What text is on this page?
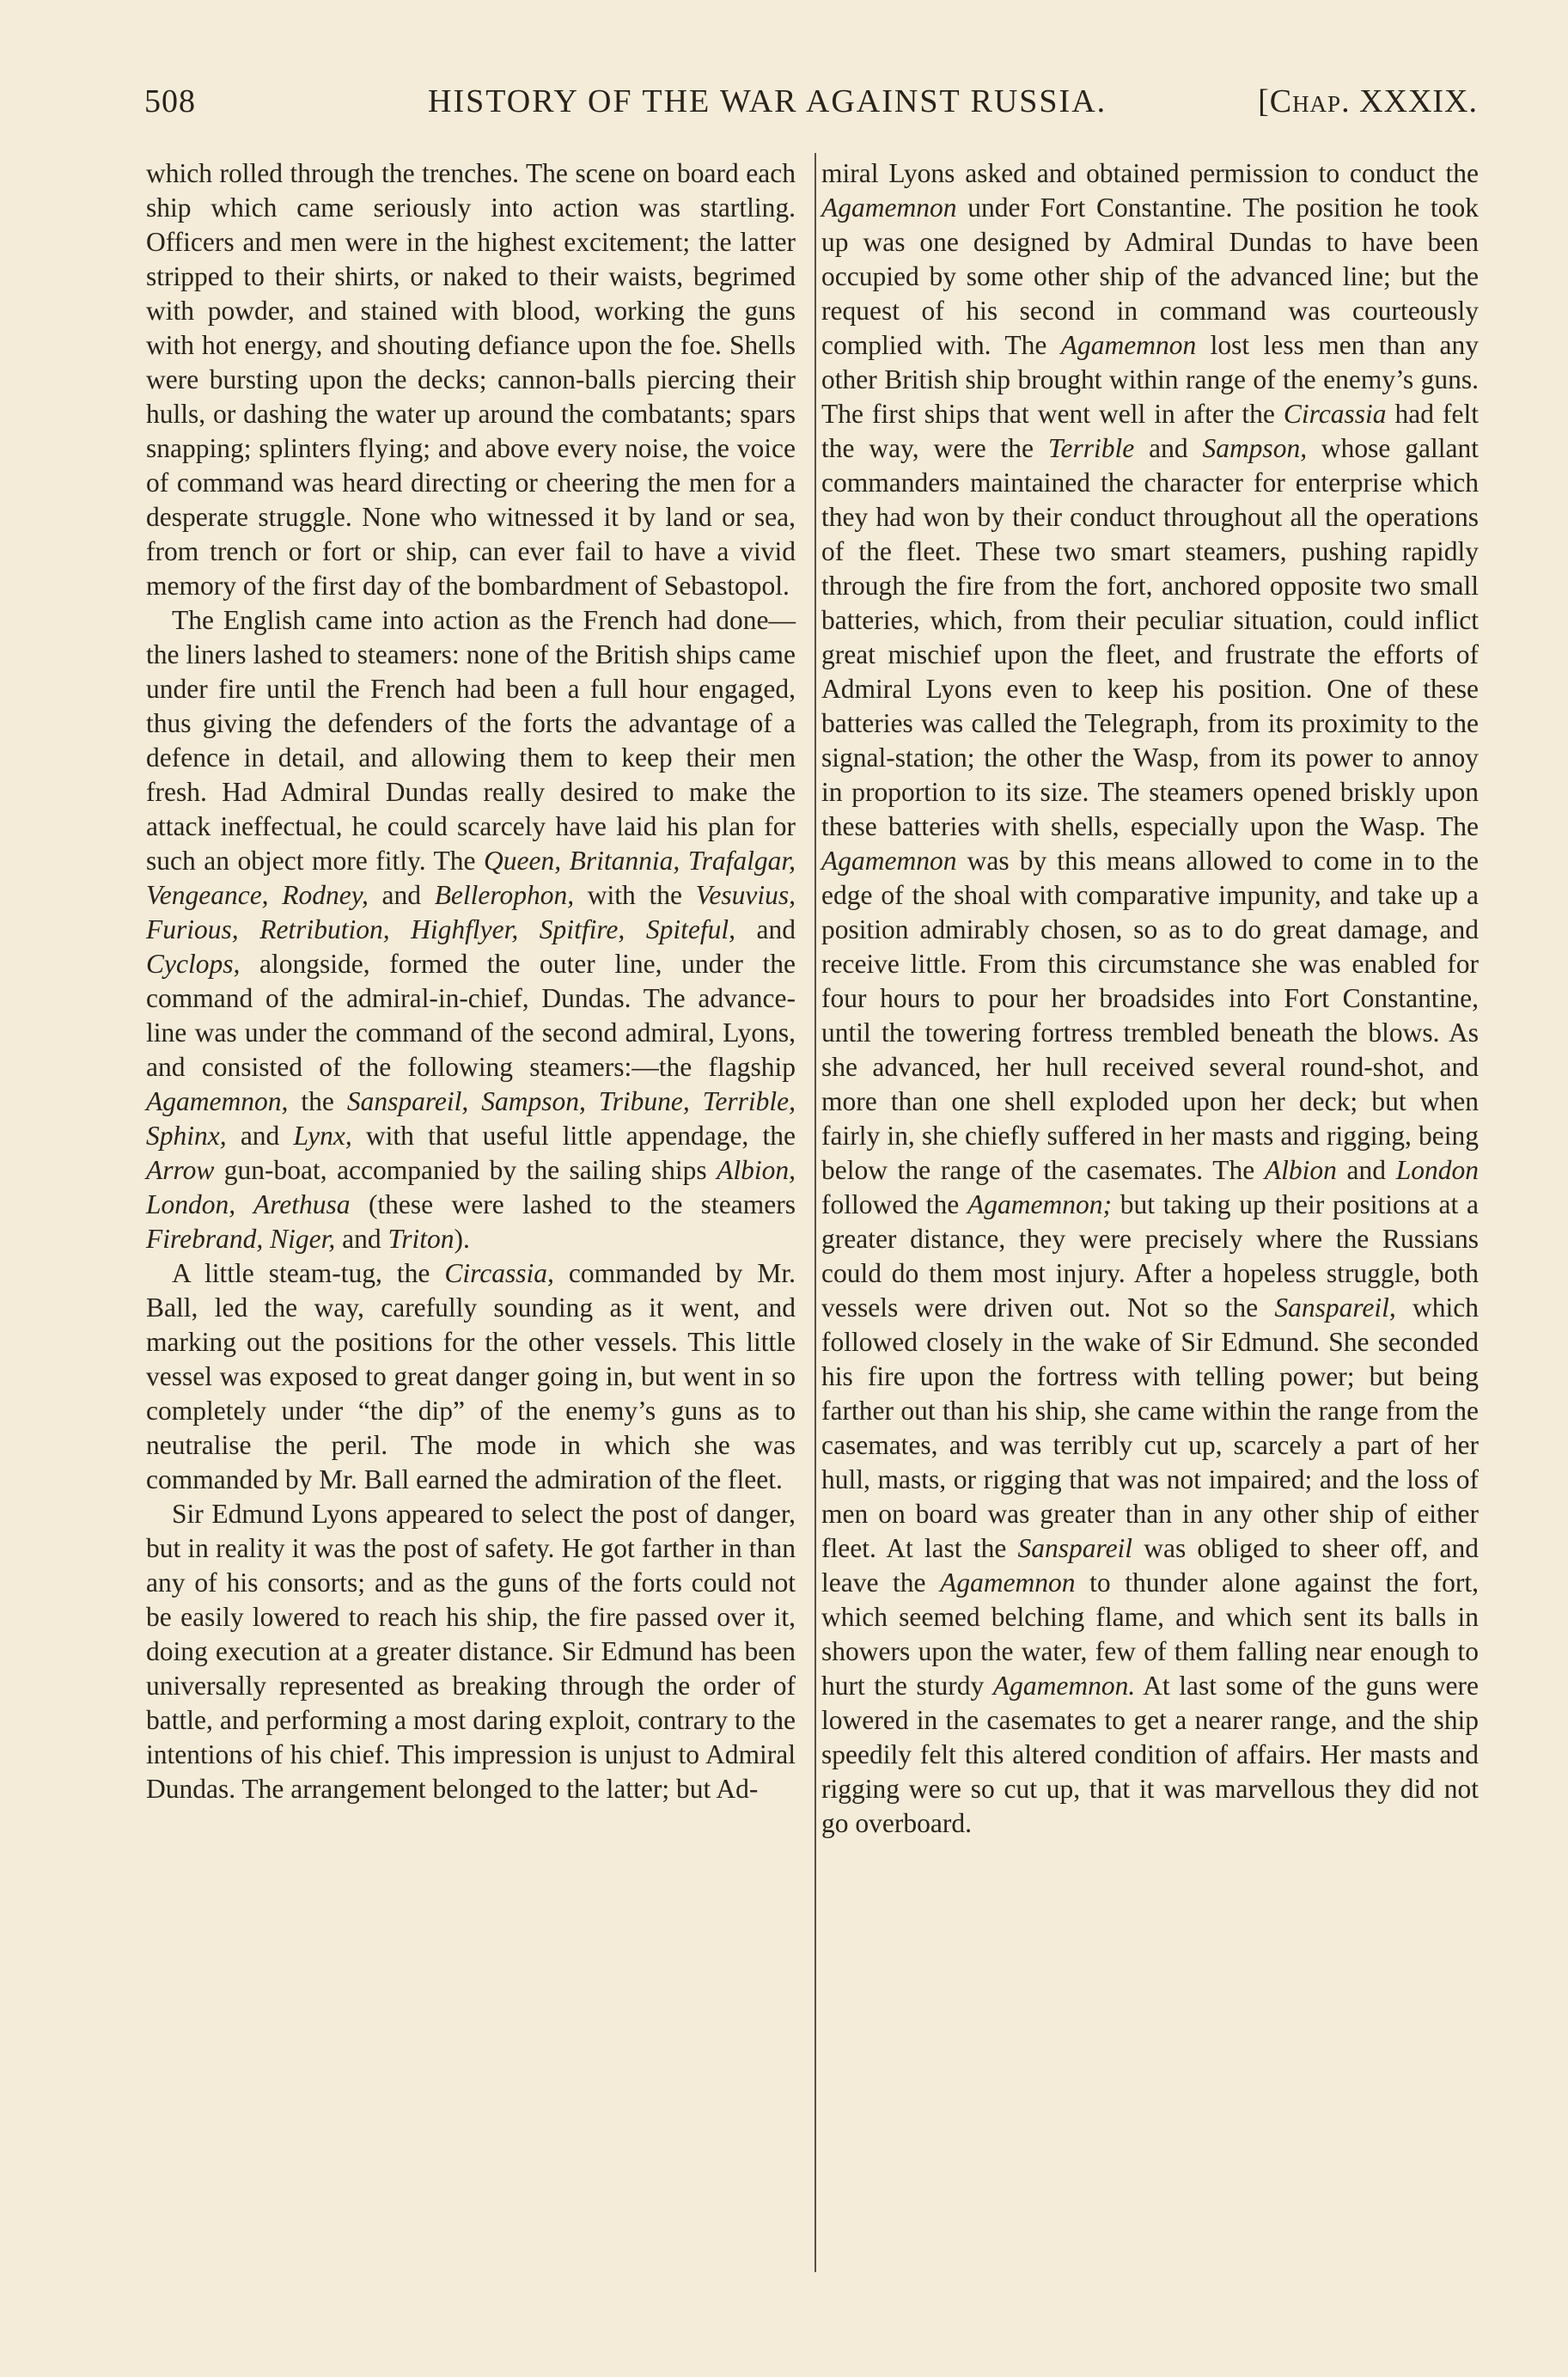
508	HISTORY OF THE WAR AGAINST RUSSIA.	[Chap. XXXIX.

which rolled through the trenches. The scene on board each ship which came seriously into action was startling. Officers and men were in the highest excitement; the latter stripped to their shirts, or naked to their waists, begrimed with powder, and stained with blood, working the guns with hot energy, and shouting defiance upon the foe. Shells were bursting upon the decks; cannon-balls piercing their hulls, or dashing the water up around the combatants; spars snapping; splinters flying; and above every noise, the voice of command was heard directing or cheering the men for a desperate struggle. None who witnessed it by land or sea, from trench or fort or ship, can ever fail to have a vivid memory of the first day of the bombardment of Sebastopol.

The English came into action as the French had done—the liners lashed to steamers: none of the British ships came under fire until the French had been a full hour engaged, thus giving the defenders of the forts the advantage of a defence in detail, and allowing them to keep their men fresh. Had Admiral Dundas really desired to make the attack ineffectual, he could scarcely have laid his plan for such an object more fitly. The Queen, Britannia, Trafalgar, Vengeance, Rodney, and Bellerophon, with the Vesuvius, Furious, Retribution, Highflyer, Spitfire, Spiteful, and Cyclops, alongside, formed the outer line, under the command of the admiral-in-chief, Dundas. The advance-line was under the command of the second admiral, Lyons, and consisted of the following steamers:—the flagship Agamemnon, the Sanspareil, Sampson, Tribune, Terrible, Sphinx, and Lynx, with that useful little appendage, the Arrow gun-boat, accompanied by the sailing ships Albion, London, Arethusa (these were lashed to the steamers Firebrand, Niger, and Triton).

A little steam-tug, the Circassia, commanded by Mr. Ball, led the way, carefully sounding as it went, and marking out the positions for the other vessels. This little vessel was exposed to great danger going in, but went in so completely under “the dip” of the enemy’s guns as to neutralise the peril. The mode in which she was commanded by Mr. Ball earned the admiration of the fleet.

Sir Edmund Lyons appeared to select the post of danger, but in reality it was the post of safety. He got farther in than any of his consorts; and as the guns of the forts could not be easily lowered to reach his ship, the fire passed over it, doing execution at a greater distance. Sir Edmund has been universally represented as breaking through the order of battle, and performing a most daring exploit, contrary to the intentions of his chief. This impression is unjust to Admiral Dundas. The arrangement belonged to the latter; but Ad-

miral Lyons asked and obtained permission to conduct the Agamemnon under Fort Constantine. The position he took up was one designed by Admiral Dundas to have been occupied by some other ship of the advanced line; but the request of his second in command was courteously complied with. The Agamemnon lost less men than any other British ship brought within range of the enemy’s guns. The first ships that went well in after the Circassia had felt the way, were the Terrible and Sampson, whose gallant commanders maintained the character for enterprise which they had won by their conduct throughout all the operations of the fleet. These two smart steamers, pushing rapidly through the fire from the fort, anchored opposite two small batteries, which, from their peculiar situation, could inflict great mischief upon the fleet, and frustrate the efforts of Admiral Lyons even to keep his position. One of these batteries was called the Telegraph, from its proximity to the signal-station; the other the Wasp, from its power to annoy in proportion to its size. The steamers opened briskly upon these batteries with shells, especially upon the Wasp. The Agamemnon was by this means allowed to come in to the edge of the shoal with comparative impunity, and take up a position admirably chosen, so as to do great damage, and receive little. From this circumstance she was enabled for four hours to pour her broadsides into Fort Constantine, until the towering fortress trembled beneath the blows. As she advanced, her hull received several round-shot, and more than one shell exploded upon her deck; but when fairly in, she chiefly suffered in her masts and rigging, being below the range of the casemates. The Albion and London followed the Agamemnon; but taking up their positions at a greater distance, they were precisely where the Russians could do them most injury. After a hopeless struggle, both vessels were driven out. Not so the Sanspareil, which followed closely in the wake of Sir Edmund. She seconded his fire upon the fortress with telling power; but being farther out than his ship, she came within the range from the casemates, and was terribly cut up, scarcely a part of her hull, masts, or rigging that was not impaired; and the loss of men on board was greater than in any other ship of either fleet. At last the Sanspareil was obliged to sheer off, and leave the Agamemnon to thunder alone against the fort, which seemed belching flame, and which sent its balls in showers upon the water, few of them falling near enough to hurt the sturdy Agamemnon. At last some of the guns were lowered in the casemates to get a nearer range, and the ship speedily felt this altered condition of affairs. Her masts and rigging were so cut up, that it was marvellous they did not go overboard.
